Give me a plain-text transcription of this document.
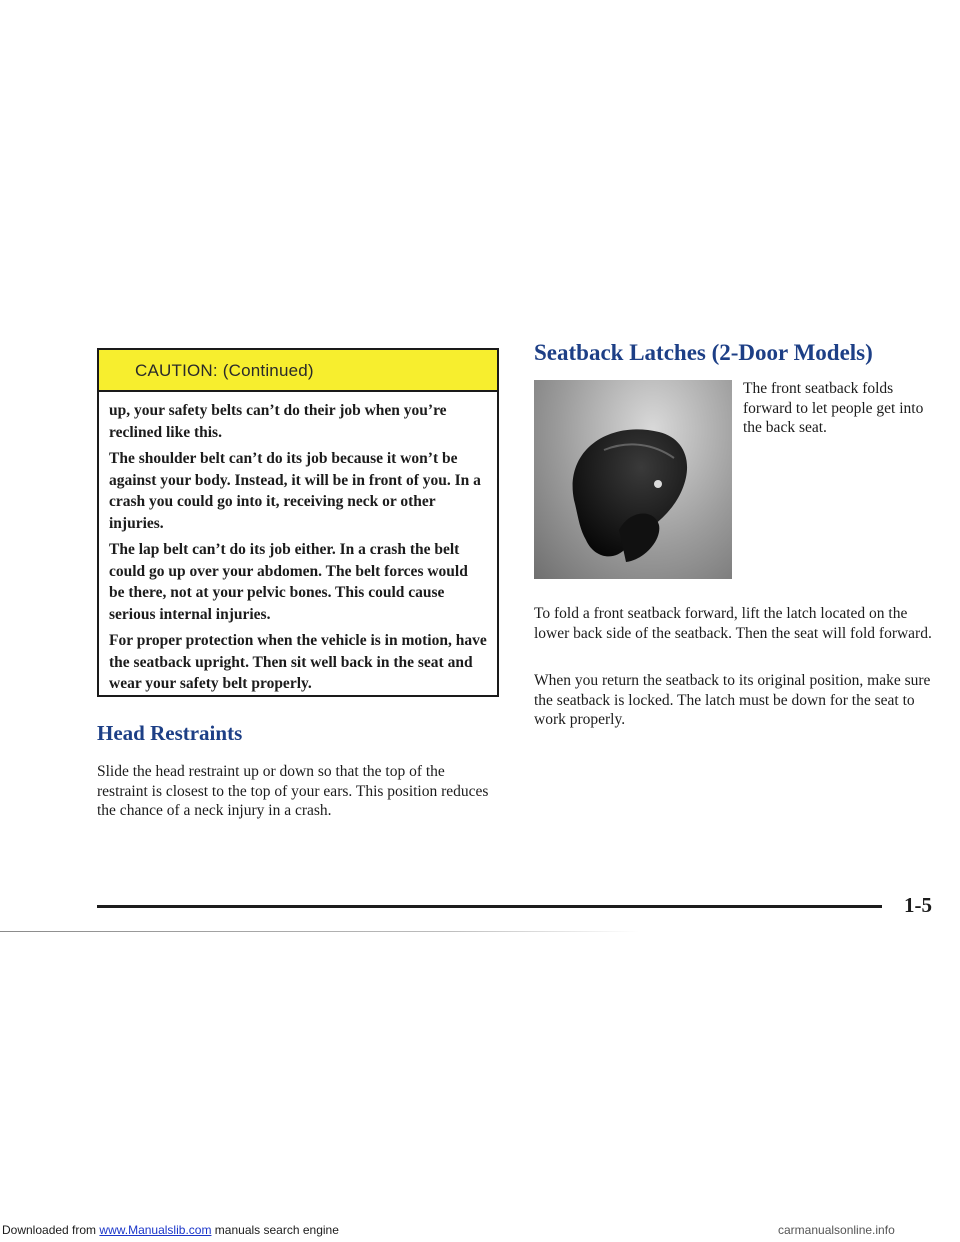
CAUTION: (Continued)

up, your safety belts can’t do their job when you’re reclined like this.

The shoulder belt can’t do its job because it won’t be against your body. Instead, it will be in front of you. In a crash you could go into it, receiving neck or other injuries.

The lap belt can’t do its job either. In a crash the belt could go up over your abdomen. The belt forces would be there, not at your pelvic bones. This could cause serious internal injuries.

For proper protection when the vehicle is in motion, have the seatback upright. Then sit well back in the seat and wear your safety belt properly.

Head Restraints

Slide the head restraint up or down so that the top of the restraint is closest to the top of your ears. This position reduces the chance of a neck injury in a crash.

Seatback Latches (2-Door Models)

The front seatback folds forward to let people get into the back seat.

To fold a front seatback forward, lift the latch located on the lower back side of the seatback. Then the seat will fold forward.

When you return the seatback to its original position, make sure the seatback is locked. The latch must be down for the seat to work properly.

1-5
Downloaded from www.Manualslib.com manuals search engine	carmanualsonline.info
